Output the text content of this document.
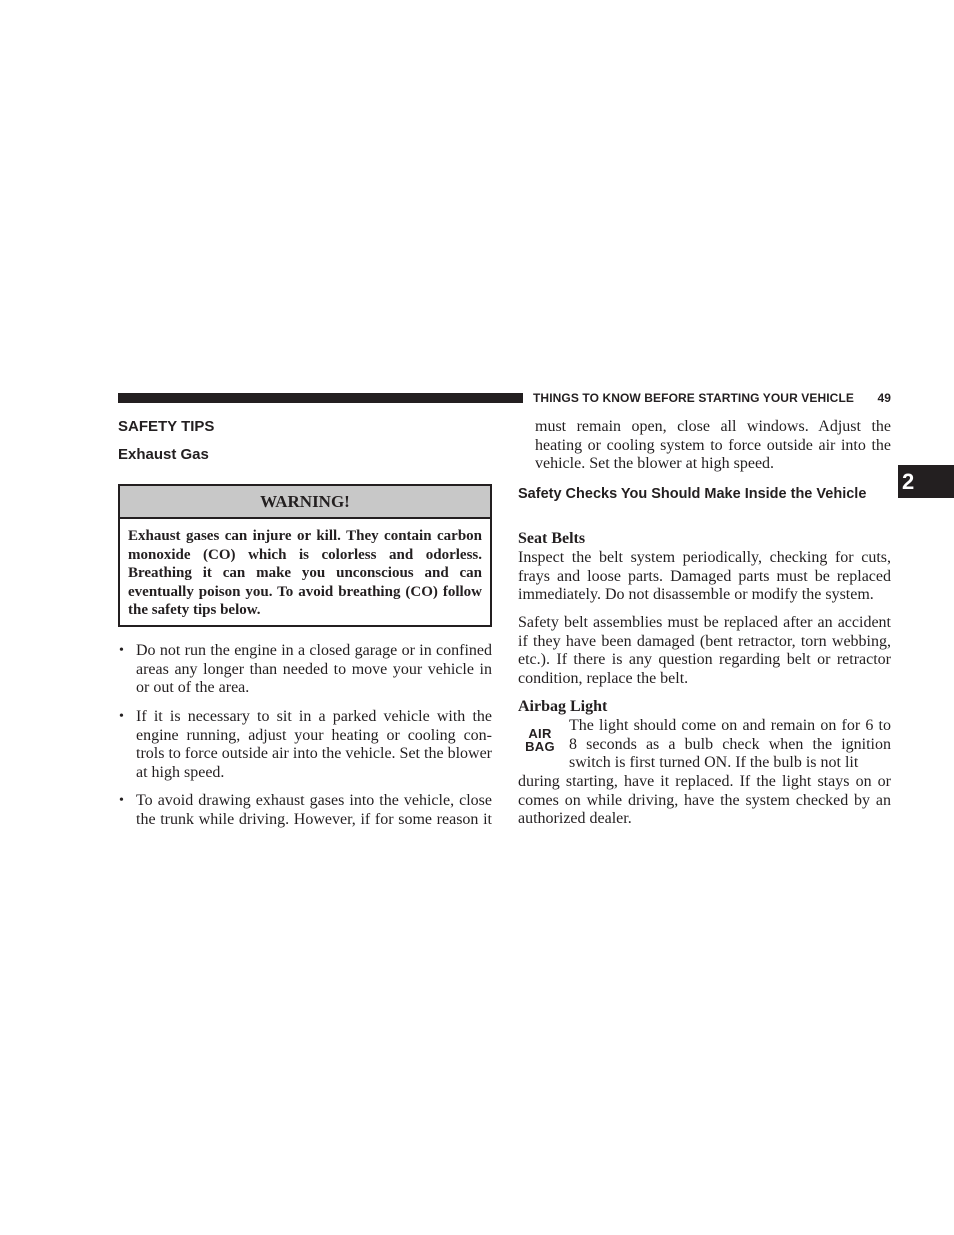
THINGS TO KNOW BEFORE STARTING YOUR VEHICLE 49
2
SAFETY TIPS
Exhaust Gas
WARNING!
Exhaust gases can injure or kill. They contain carbon monoxide (CO) which is colorless and odorless. Breathing it can make you unconscious and can eventually poison you. To avoid breathing (CO) follow the safety tips below.
• Do not run the engine in a closed garage or in confined areas any longer than needed to move your vehicle in or out of the area.

• If it is necessary to sit in a parked vehicle with the engine running, adjust your heating or cooling con-trols to force outside air into the vehicle. Set the blower at high speed.

• To avoid drawing exhaust gases into the vehicle, close the trunk while driving. However, if for some reason it

must remain open, close all windows. Adjust the heating or cooling system to force outside air into the vehicle. Set the blower at high speed.

Safety Checks You Should Make Inside the Vehicle
Seat Belts

Inspect the belt system periodically, checking for cuts, frays and loose parts. Damaged parts must be replaced immediately. Do not disassemble or modify the system.

Safety belt assemblies must be replaced after an accident if they have been damaged (bent retractor, torn webbing, etc.). If there is any question regarding belt or retractor condition, replace the belt.

Airbag Light
AIR
BAG

The light should come on and remain on for 6 to 8 seconds as a bulb check when the ignition switch is first turned ON. If the bulb is not lit

during starting, have it replaced. If the light stays on or comes on while driving, have the system checked by an authorized dealer.
